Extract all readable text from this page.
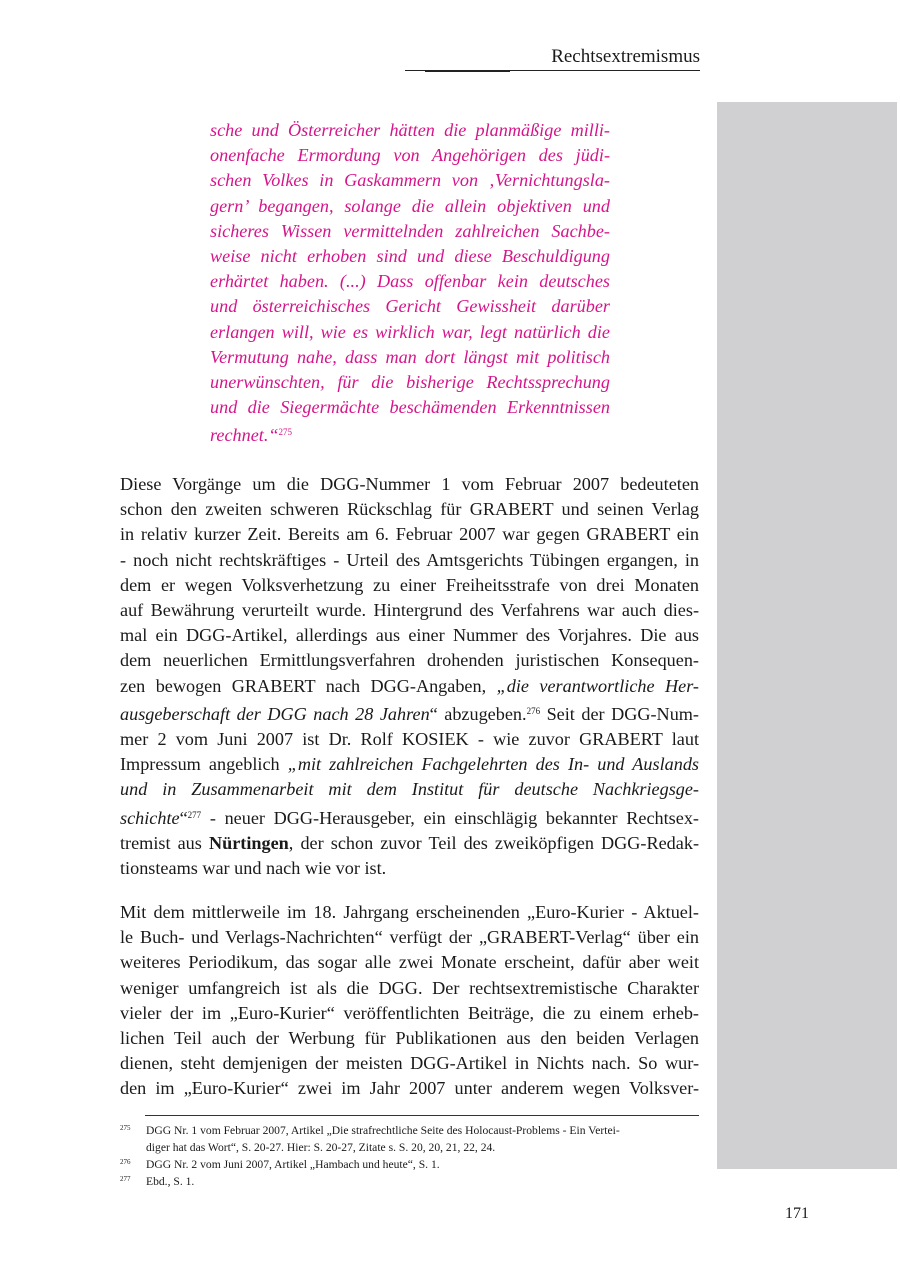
Rechtsextremismus
sche und Österreicher hätten die planmäßige milli-
onenfache Ermordung von Angehörigen des jüdi-
schen Volkes in Gaskammern von ‚Vernichtungsla-
gern’ begangen, solange die allein objektiven und
sicheres Wissen vermittelnden zahlreichen Sachbe-
weise nicht erhoben sind und diese Beschuldigung
erhärtet haben. (...) Dass offenbar kein deutsches
und österreichisches Gericht Gewissheit darüber
erlangen will, wie es wirklich war, legt natürlich die
Vermutung nahe, dass man dort längst mit politisch
unerwünschten, für die bisherige Rechtssprechung
und die Siegermächte beschämenden Erkenntnissen
rechnet.“$^{275}$
Diese Vorgänge um die DGG-Nummer 1 vom Februar 2007 bedeuteten
schon den zweiten schweren Rückschlag für GRABERT und seinen Verlag
in relativ kurzer Zeit. Bereits am 6. Februar 2007 war gegen GRABERT ein
- noch nicht rechtskräftiges - Urteil des Amtsgerichts Tübingen ergangen, in
dem er wegen Volksverhetzung zu einer Freiheitsstrafe von drei Monaten
auf Bewährung verurteilt wurde. Hintergrund des Verfahrens war auch dies-
mal ein DGG-Artikel, allerdings aus einer Nummer des Vorjahres. Die aus
dem neuerlichen Ermittlungsverfahren drohenden juristischen Konsequen-
zen bewogen GRABERT nach DGG-Angaben, „die verantwortliche Her-
ausgeberschaft der DGG nach 28 Jahren“ abzugeben.$^{276}$ Seit der DGG-Num-
mer 2 vom Juni 2007 ist Dr. Rolf KOSIEK - wie zuvor GRABERT laut
Impressum angeblich „mit zahlreichen Fachgelehrten des In- und Auslands
und in Zusammenarbeit mit dem Institut für deutsche Nachkriegsge-
schichte“$^{277}$ - neuer DGG-Herausgeber, ein einschlägig bekannter Rechtsex-
tremist aus Nürtingen, der schon zuvor Teil des zweiköpfigen DGG-Redak-
tionsteams war und nach wie vor ist.
Mit dem mittlerweile im 18. Jahrgang erscheinenden „Euro-Kurier - Aktuel-
le Buch- und Verlags-Nachrichten“ verfügt der „GRABERT-Verlag“ über ein
weiteres Periodikum, das sogar alle zwei Monate erscheint, dafür aber weit
weniger umfangreich ist als die DGG. Der rechtsextremistische Charakter
vieler der im „Euro-Kurier“ veröffentlichten Beiträge, die zu einem erheb-
lichen Teil auch der Werbung für Publikationen aus den beiden Verlagen
dienen, steht demjenigen der meisten DGG-Artikel in Nichts nach. So wur-
den im „Euro-Kurier“ zwei im Jahr 2007 unter anderem wegen Volksver-
275 DGG Nr. 1 vom Februar 2007, Artikel „Die strafrechtliche Seite des Holocaust-Problems - Ein Vertei-
diger hat das Wort“, S. 20-27. Hier: S. 20-27, Zitate s. S. 20, 20, 21, 22, 24.
276 DGG Nr. 2 vom Juni 2007, Artikel „Hambach und heute“, S. 1.
277 Ebd., S. 1.
171
